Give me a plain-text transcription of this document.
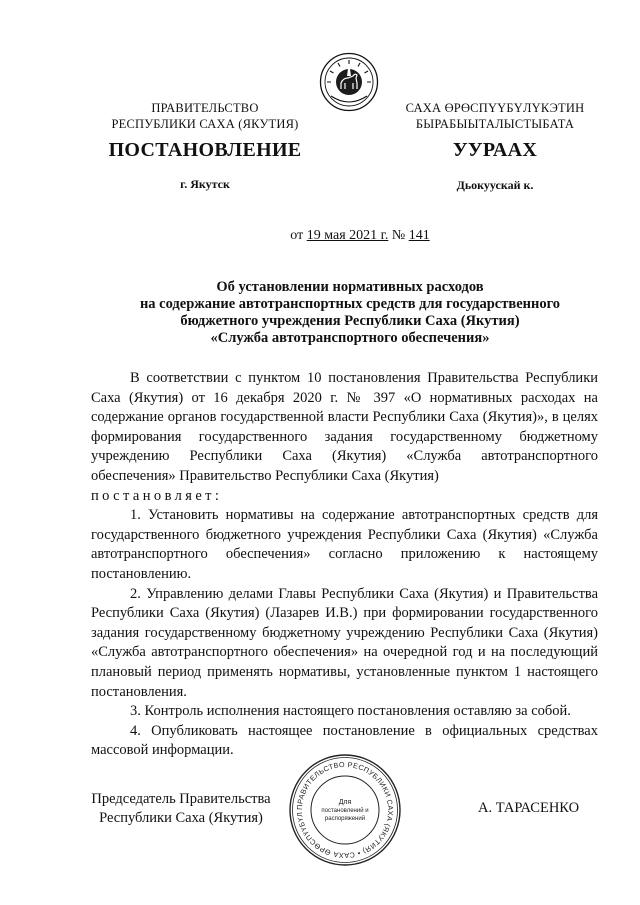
ПРАВИТЕЛЬСТВО
РЕСПУБЛИКИ САХА (ЯКУТИЯ)
САХА ӨРӨСПҮҮБҮЛҮКЭТИН
БЫРАБЫЫТАЛЫСТЫБАТА
ПОСТАНОВЛЕНИЕ	УУРААХ
г. Якутск	Дьокуускай к.
от 19 мая 2021 г. № 141
Об установлении нормативных расходов
на содержание автотранспортных средств для государственного
бюджетного учреждения Республики Саха (Якутия)
«Служба автотранспортного обеспечения»

В соответствии с пунктом 10 постановления Правительства Республики Саха (Якутия) от 16 декабря 2020 г. № 397 «О нормативных расходах на содержание органов государственной власти Республики Саха (Якутия)», в целях формирования государственного задания государственному бюджетному учреждению Республики Саха (Якутия) «Служба автотранспортного обеспечения» Правительство Республики Саха (Якутия)

постановляет:

1. Установить нормативы на содержание автотранспортных средств для государственного бюджетного учреждения Республики Саха (Якутия) «Служба автотранспортного обеспечения» согласно приложению к настоящему постановлению.

2. Управлению делами Главы Республики Саха (Якутия) и Правительства Республики Саха (Якутия) (Лазарев И.В.) при формировании государственного задания государственному бюджетному учреждению Республики Саха (Якутия) «Служба автотранспортного обеспечения» на очередной год и на последующий плановый период применять нормативы, установленные пунктом 1 настоящего постановления.

3. Контроль исполнения настоящего постановления оставляю за собой.

4. Опубликовать настоящее постановление в официальных средствах массовой информации.

Председатель Правительства
Республики Саха (Якутия)
А. ТАРАСЕНКО
ПРАВИТЕЛЬСТВО РЕСПУБЛИКИ САХА (ЯКУТИЯ) • САХА ӨРӨСПҮҮБҮЛ
Для
постановлений и
распоряжений
